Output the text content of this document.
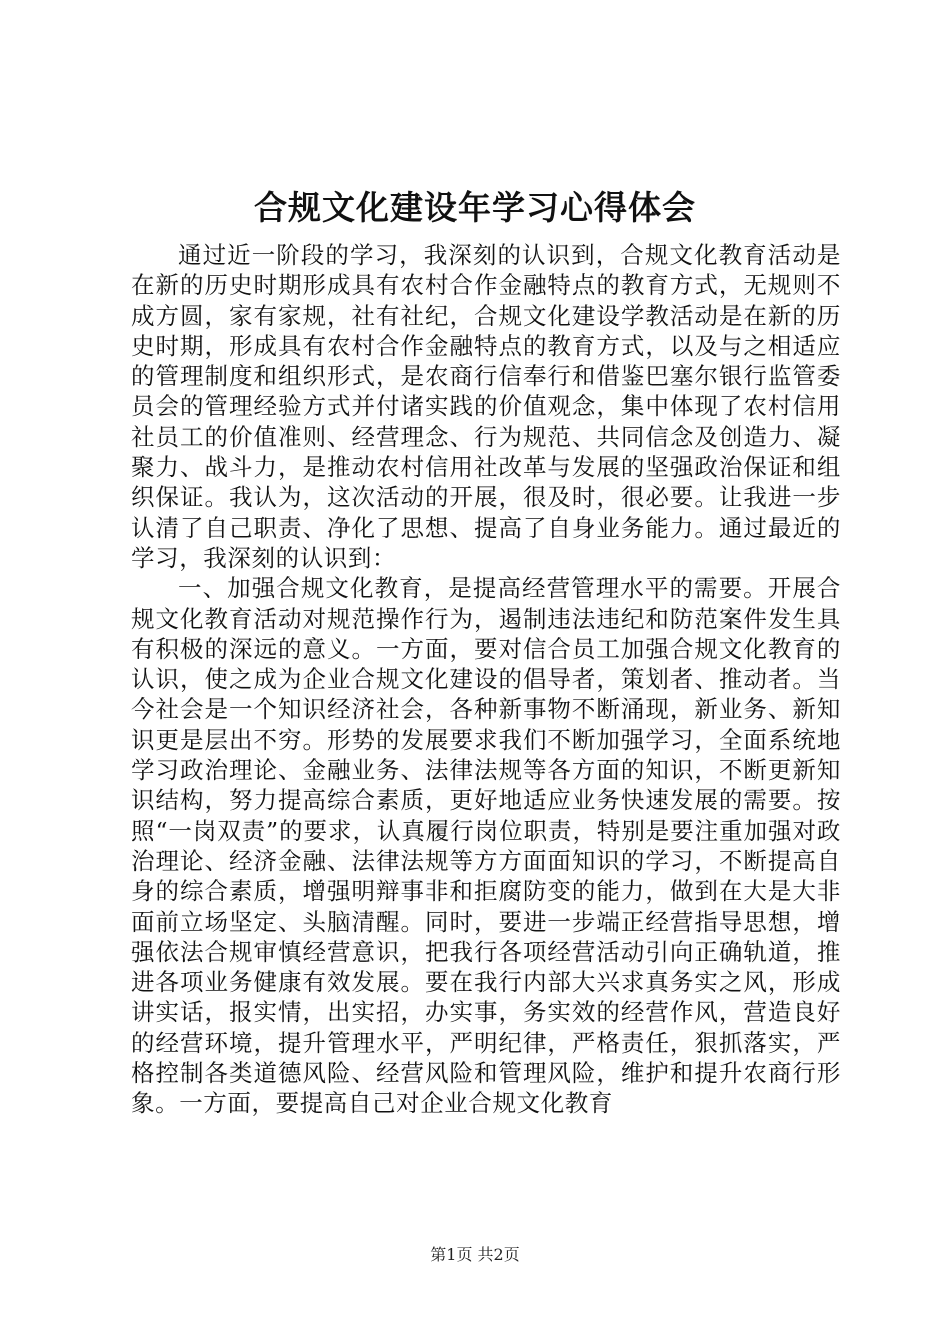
合规文化建设年学习心得体会

通过近一阶段的学习，我深刻的认识到，合规文化教育活动是在新的历史时期形成具有农村合作金融特点的教育方式，无规则不成方圆，家有家规，社有社纪，合规文化建设学教活动是在新的历史时期，形成具有农村合作金融特点的教育方式，以及与之相适应的管理制度和组织形式，是农商行信奉行和借鉴巴塞尔银行监管委员会的管理经验方式并付诸实践的价值观念，集中体现了农村信用社员工的价值准则、经营理念、行为规范、共同信念及创造力、凝聚力、战斗力，是推动农村信用社改革与发展的坚强政治保证和组织保证。我认为，这次活动的开展，很及时，很必要。让我进一步认清了自己职责、净化了思想、提高了自身业务能力。通过最近的学习，我深刻的认识到：

一、加强合规文化教育，是提高经营管理水平的需要。开展合规文化教育活动对规范操作行为，遏制违法违纪和防范案件发生具有积极的深远的意义。一方面，要对信合员工加强合规文化教育的认识，使之成为企业合规文化建设的倡导者，策划者、推动者。当今社会是一个知识经济社会，各种新事物不断涌现，新业务、新知识更是层出不穷。形势的发展要求我们不断加强学习，全面系统地学习政治理论、金融业务、法律法规等各方面的知识，不断更新知识结构，努力提高综合素质，更好地适应业务快速发展的需要。按照“一岗双责”的要求，认真履行岗位职责，特别是要注重加强对政治理论、经济金融、法律法规等方方面面知识的学习，不断提高自身的综合素质，增强明辩事非和拒腐防变的能力，做到在大是大非面前立场坚定、头脑清醒。同时，要进一步端正经营指导思想，增强依法合规审慎经营意识，把我行各项经营活动引向正确轨道，推进各项业务健康有效发展。要在我行内部大兴求真务实之风，形成讲实话，报实情，出实招，办实事，务实效的经营作风，营造良好的经营环境，提升管理水平，严明纪律，严格责任，狠抓落实，严格控制各类道德风险、经营风险和管理风险，维护和提升农商行形象。一方面，要提高自己对企业合规文化教育

第1页 共2页
